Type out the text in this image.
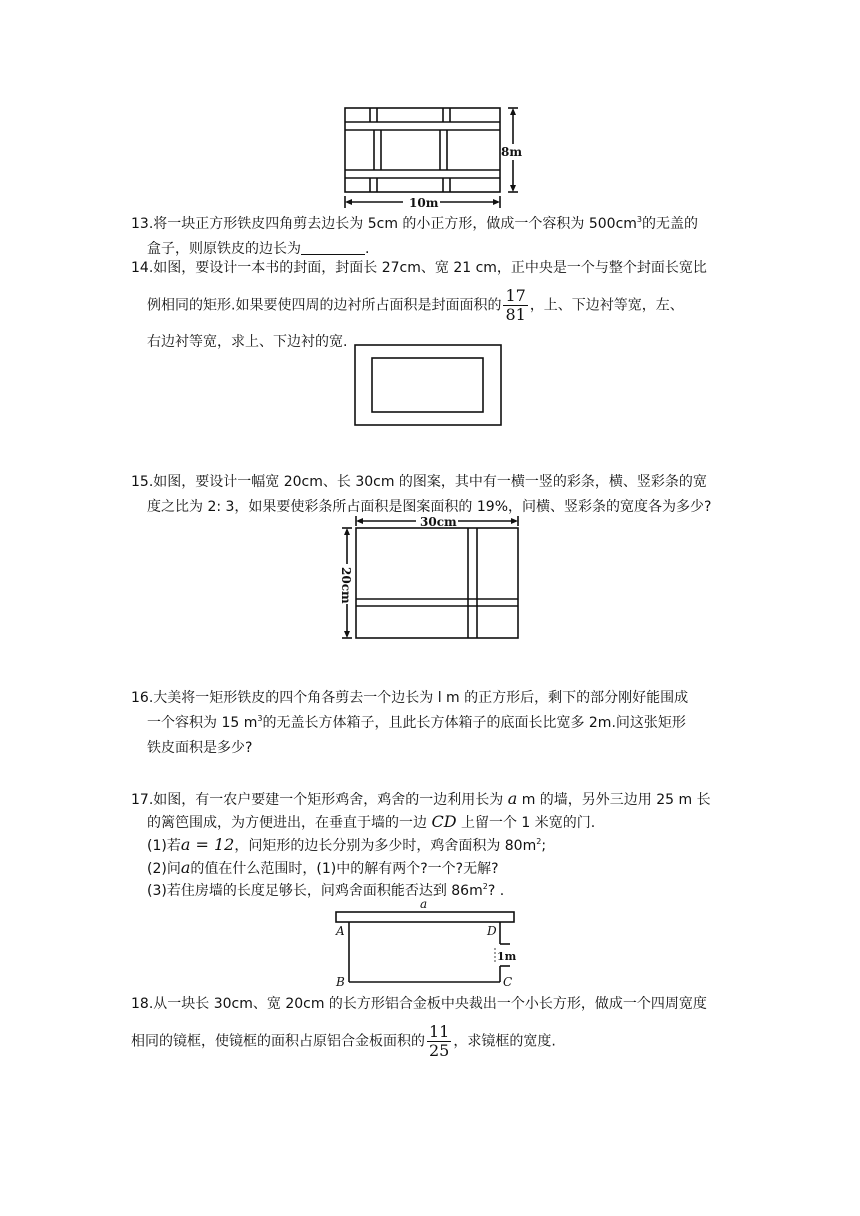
8m
10m
13.将一块正方形铁皮四角剪去边长为 5cm 的小正方形，做成一个容积为 $500cm^3$的无盖的
盒子，则原铁皮的边长为	.
14.如图，要设计一本书的封面，封面长 27cm、宽 21 cm，正中央是一个与整个封面长宽比
例相同的矩形.如果要使四周的边衬所占面积是封面面积的 $\frac{17}{81}$ ，上、下边衬等宽，左、
右边衬等宽，求上、下边衬的宽.
15.如图，要设计一幅宽 20cm、长 30cm 的图案，其中有一横一竖的彩条，横、竖彩条的宽
度之比为 2: 3，如果要使彩条所占面积是图案面积的 19%，问横、竖彩条的宽度各为多少?
30cm
20cm
16.大美将一矩形铁皮的四个角各剪去一个边长为 l m 的正方形后，剩下的部分刚好能围成
一个容积为 15 $m^3$的无盖长方体箱子，且此长方体箱子的底面长比宽多 2m.问这张矩形
铁皮面积是多少?
17.如图，有一农户要建一个矩形鸡舍，鸡舍的一边利用长为 a m 的墙，另外三边用 25 m 长
的篱笆围成，为方便进出，在垂直于墙的一边 CD 上留一个 1 米宽的门.
(1)若a = 12，问矩形的边长分别为多少时，鸡舍面积为 $80m^2$;
(2)问a的值在什么范围时，(1)中的解有两个?一个?无解?
(3)若住房墙的长度足够长，问鸡舍面积能否达到 $86m^2$? .
a
A	D
B	C
1m
18.从一块长 30cm、宽 20cm 的长方形铝合金板中央裁出一个小长方形，做成一个四周宽度
相同的镜框，使镜框的面积占原铝合金板面积的 $\frac{11}{25}$ ，求镜框的宽度.
